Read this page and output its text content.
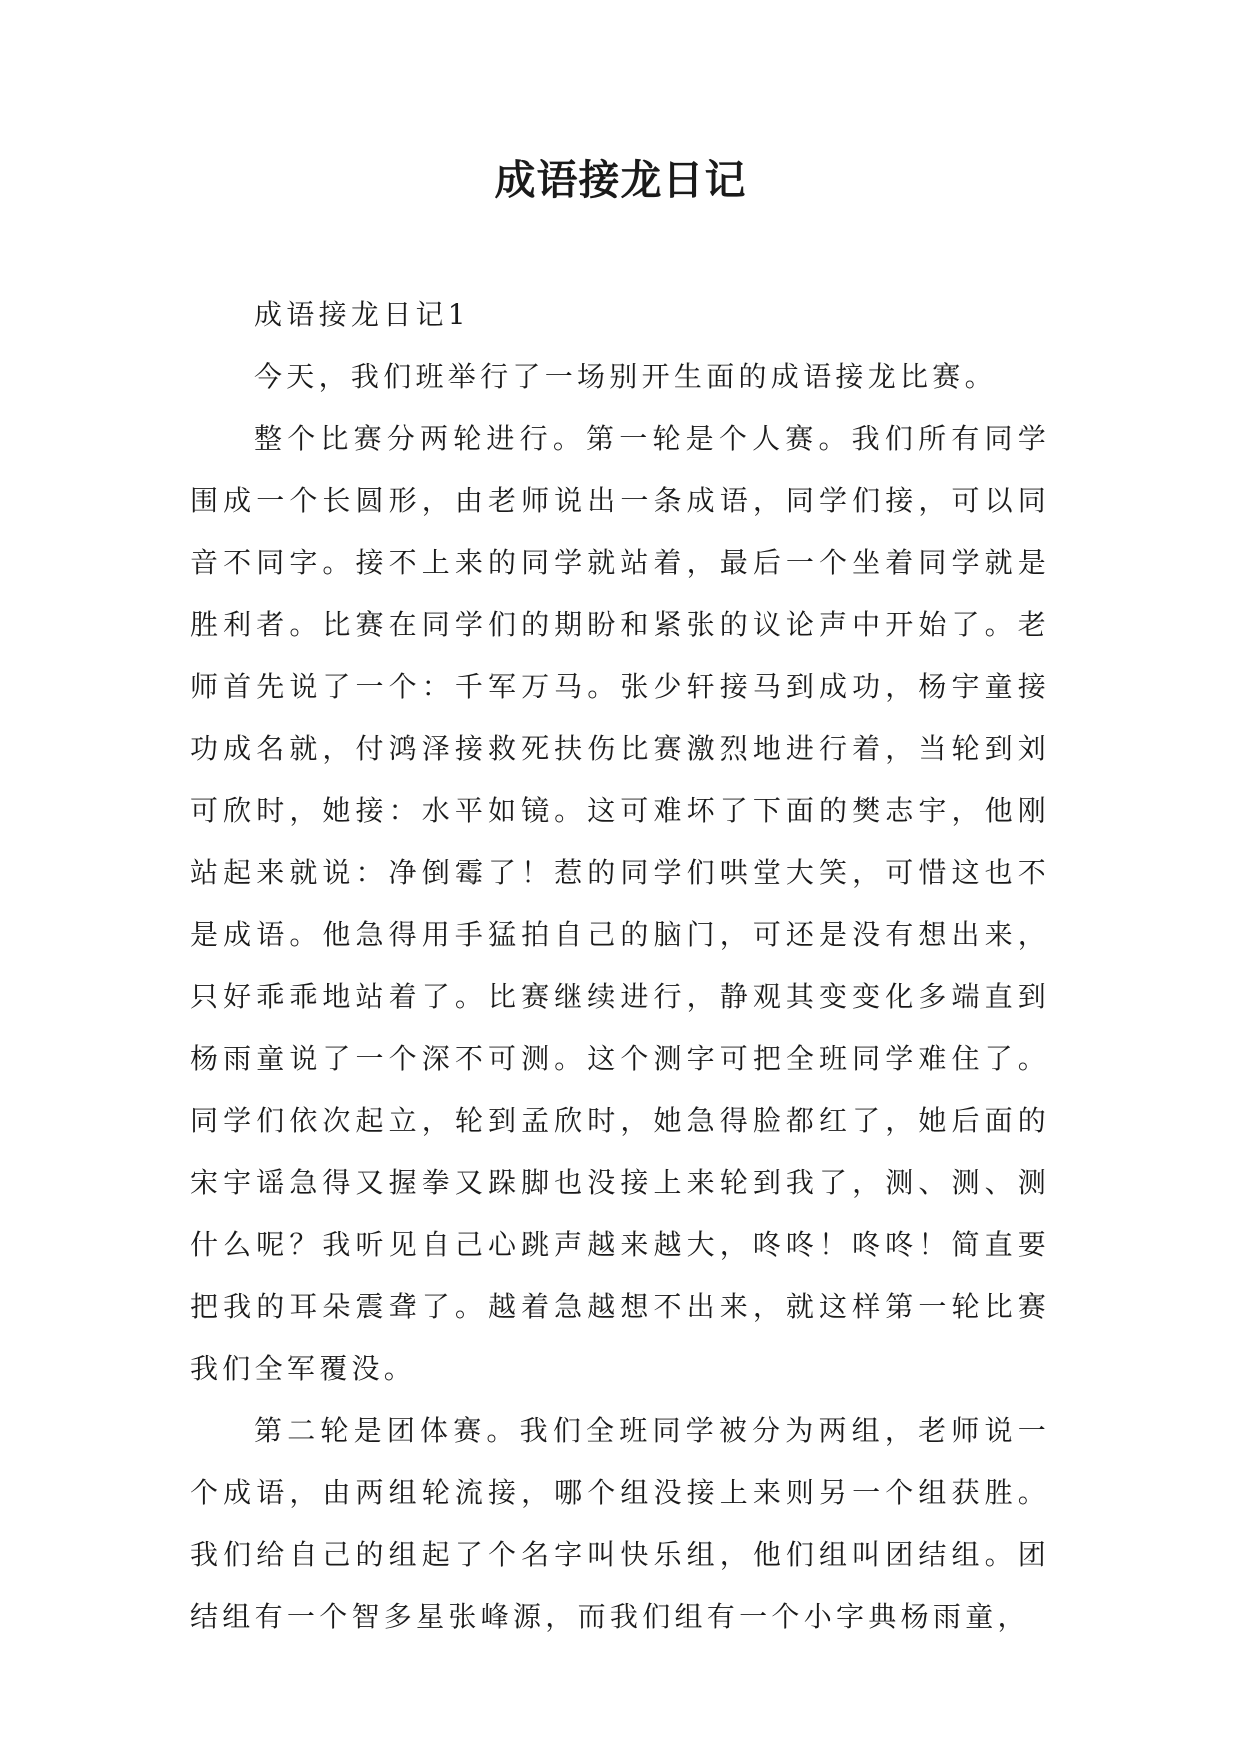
成语接龙日记

成语接龙日记1

今天，我们班举行了一场别开生面的成语接龙比赛。

整个比赛分两轮进行。第一轮是个人赛。我们所有同学围成一个长圆形，由老师说出一条成语，同学们接，可以同音不同字。接不上来的同学就站着，最后一个坐着同学就是胜利者。比赛在同学们的期盼和紧张的议论声中开始了。老师首先说了一个：千军万马。张少轩接马到成功，杨宇童接功成名就，付鸿泽接救死扶伤比赛激烈地进行着，当轮到刘可欣时，她接：水平如镜。这可难坏了下面的樊志宇，他刚站起来就说：净倒霉了！惹的同学们哄堂大笑，可惜这也不是成语。他急得用手猛拍自己的脑门，可还是没有想出来，只好乖乖地站着了。比赛继续进行，静观其变变化多端直到杨雨童说了一个深不可测。这个测字可把全班同学难住了。同学们依次起立，轮到孟欣时，她急得脸都红了，她后面的宋宇谣急得又握拳又跺脚也没接上来轮到我了，测、测、测什么呢？我听见自己心跳声越来越大，咚咚！咚咚！简直要把我的耳朵震聋了。越着急越想不出来，就这样第一轮比赛我们全军覆没。

第二轮是团体赛。我们全班同学被分为两组，老师说一个成语，由两组轮流接，哪个组没接上来则另一个组获胜。我们给自己的组起了个名字叫快乐组，他们组叫团结组。团结组有一个智多星张峰源，而我们组有一个小字典杨雨童，
